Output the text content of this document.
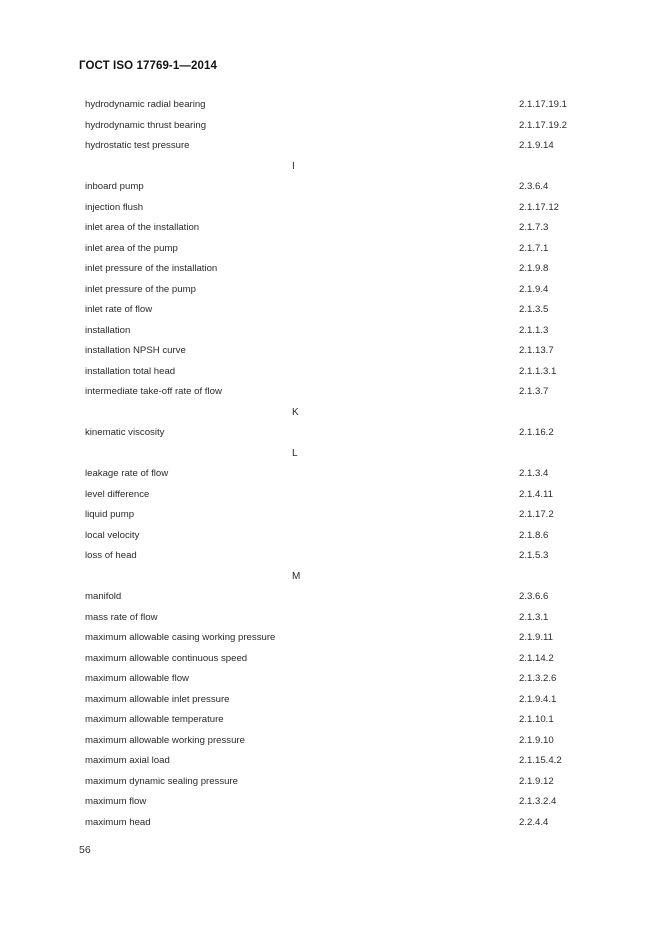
ГОСТ ISO 17769-1—2014
hydrodynamic radial bearing	2.1.17.19.1
hydrodynamic thrust bearing	2.1.17.19.2
hydrostatic test pressure	2.1.9.14
I
inboard pump	2.3.6.4
injection flush	2.1.17.12
inlet area of the installation	2.1.7.3
inlet area of the pump	2.1.7.1
inlet pressure of the installation	2.1.9.8
inlet pressure of the pump	2.1.9.4
inlet rate of flow	2.1.3.5
installation	2.1.1.3
installation NPSH curve	2.1.13.7
installation total head	2.1.1.3.1
intermediate take-off rate of flow	2.1.3.7
K
kinematic viscosity	2.1.16.2
L
leakage rate of flow	2.1.3.4
level difference	2.1.4.11
liquid pump	2.1.17.2
local velocity	2.1.8.6
loss of head	2.1.5.3
M
manifold	2.3.6.6
mass rate of flow	2.1.3.1
maximum allowable casing working pressure	2.1.9.11
maximum allowable continuous speed	2.1.14.2
maximum allowable flow	2.1.3.2.6
maximum allowable inlet pressure	2.1.9.4.1
maximum allowable temperature	2.1.10.1
maximum allowable working pressure	2.1.9.10
maximum axial load	2.1.15.4.2
maximum dynamic sealing pressure	2.1.9.12
maximum flow	2.1.3.2.4
maximum head	2.2.4.4
56
